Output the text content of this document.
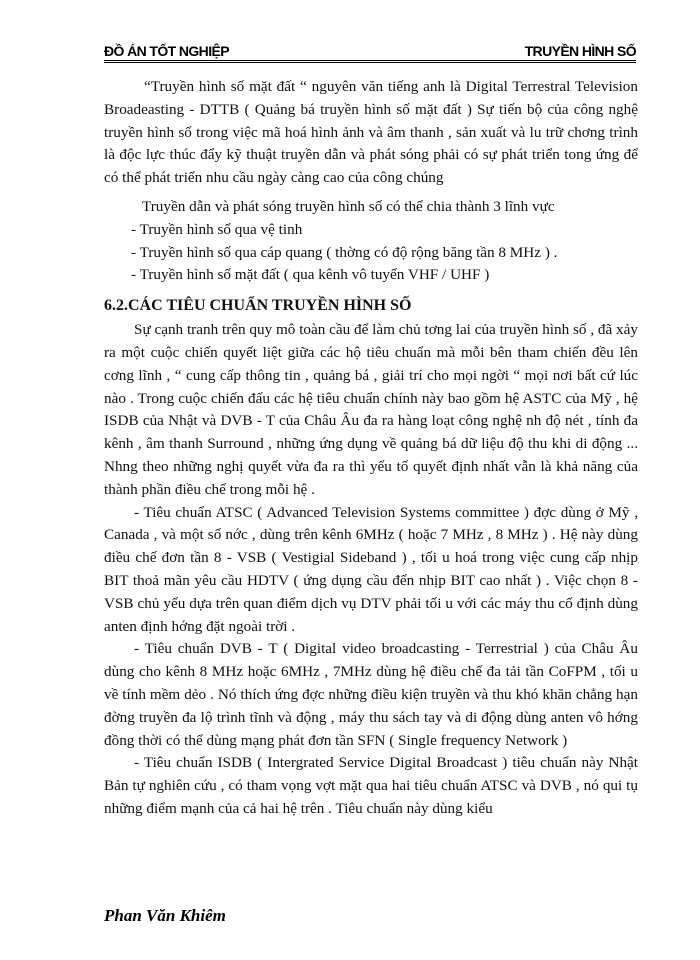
ĐỒ ÁN TỐT NGHIỆP	TRUYỀN HÌNH SỐ

“Truyền hình số mặt đất “ nguyên văn tiếng anh là Digital Terrestral Television Broadeasting - DTTB ( Quảng bá truyền hình số mặt đất ) Sự tiến bộ của công nghệ truyền hình số trong việc mã hoá hình ảnh và âm thanh , sản xuất và lu trữ chơng trình là độc lực thúc đẩy kỹ thuật truyền dẫn và phát sóng phải có sự phát triển tong ứng để có thể phát triển nhu cầu ngày càng cao của công chúng

Truyền dẫn và phát sóng truyền hình số có thể chia thành 3 lĩnh vực

- Truyền hình số qua vệ tinh

- Truyền hình số qua cáp quang ( thờng có độ rộng băng tần 8 MHz ) .

- Truyền hình số mặt đất ( qua kênh vô tuyến VHF / UHF )

6.2.CÁC TIÊU CHUẨN TRUYỀN HÌNH SỐ

Sự cạnh tranh trên quy mô toàn cầu để làm chủ tơng lai của truyền hình số , đã xảy ra một cuộc chiến quyết liệt giữa các hộ tiêu chuẩn mà mỗi bên tham chiến đều lên cơng lĩnh , “ cung cấp thông tin , quảng bá , giải trí cho mọi ngời “ mọi nơi bất cứ lúc nào . Trong cuộc chiến đấu các hệ tiêu chuẩn chính này bao gồm hệ ASTC của Mỹ , hệ ISDB của Nhật và DVB - T của Châu Âu đa ra hàng loạt công nghệ nh độ nét , tính đa kênh , âm thanh Surround , những ứng dụng về quảng bá dữ liệu độ thu khi di động ... Nhng theo những nghị quyết vừa đa ra thì yếu tố quyết định nhất vẫn là khả năng của thành phần điều chế trong mỗi hệ .

- Tiêu chuẩn ATSC ( Advanced Television Systems committee ) đợc dùng ở Mỹ , Canada , và một số nớc , dùng trên kênh 6MHz ( hoặc 7 MHz , 8 MHz ) . Hệ này dùng điều chế đơn tần 8 - VSB ( Vestigial Sideband ) , tối u hoá trong việc cung cấp nhịp BIT thoả mãn yêu cầu HDTV ( ứng dụng cầu đến nhịp BIT cao nhất ) . Việc chọn 8 - VSB chủ yếu dựa trên quan điểm dịch vụ DTV phải tối u với các máy thu cố định dùng anten định hớng đặt ngoài trời .

- Tiêu chuẩn DVB - T ( Digital video broadcasting - Terrestrial ) của Châu Âu dùng cho kênh 8 MHz hoặc 6MHz , 7MHz dùng hệ điều chế đa tải tần CoFPM , tối u về tính mềm dẻo . Nó thích ứng đợc những điều kiện truyền và thu khó khăn chẳng hạn đờng truyền đa lộ trình tĩnh và động , máy thu sách tay và di động dùng anten vô hớng đồng thời có thể dùng mạng phát đơn tần SFN ( Single frequency Network )

- Tiêu chuẩn ISDB ( Intergrated Service Digital Broadcast ) tiêu chuẩn này Nhật Bản tự nghiên cứu , có tham vọng vợt mặt qua hai tiêu chuẩn ATSC và DVB , nó qui tụ những điểm mạnh của cả hai hệ trên . Tiêu chuẩn này dùng kiểu

Phan Văn Khiêm
